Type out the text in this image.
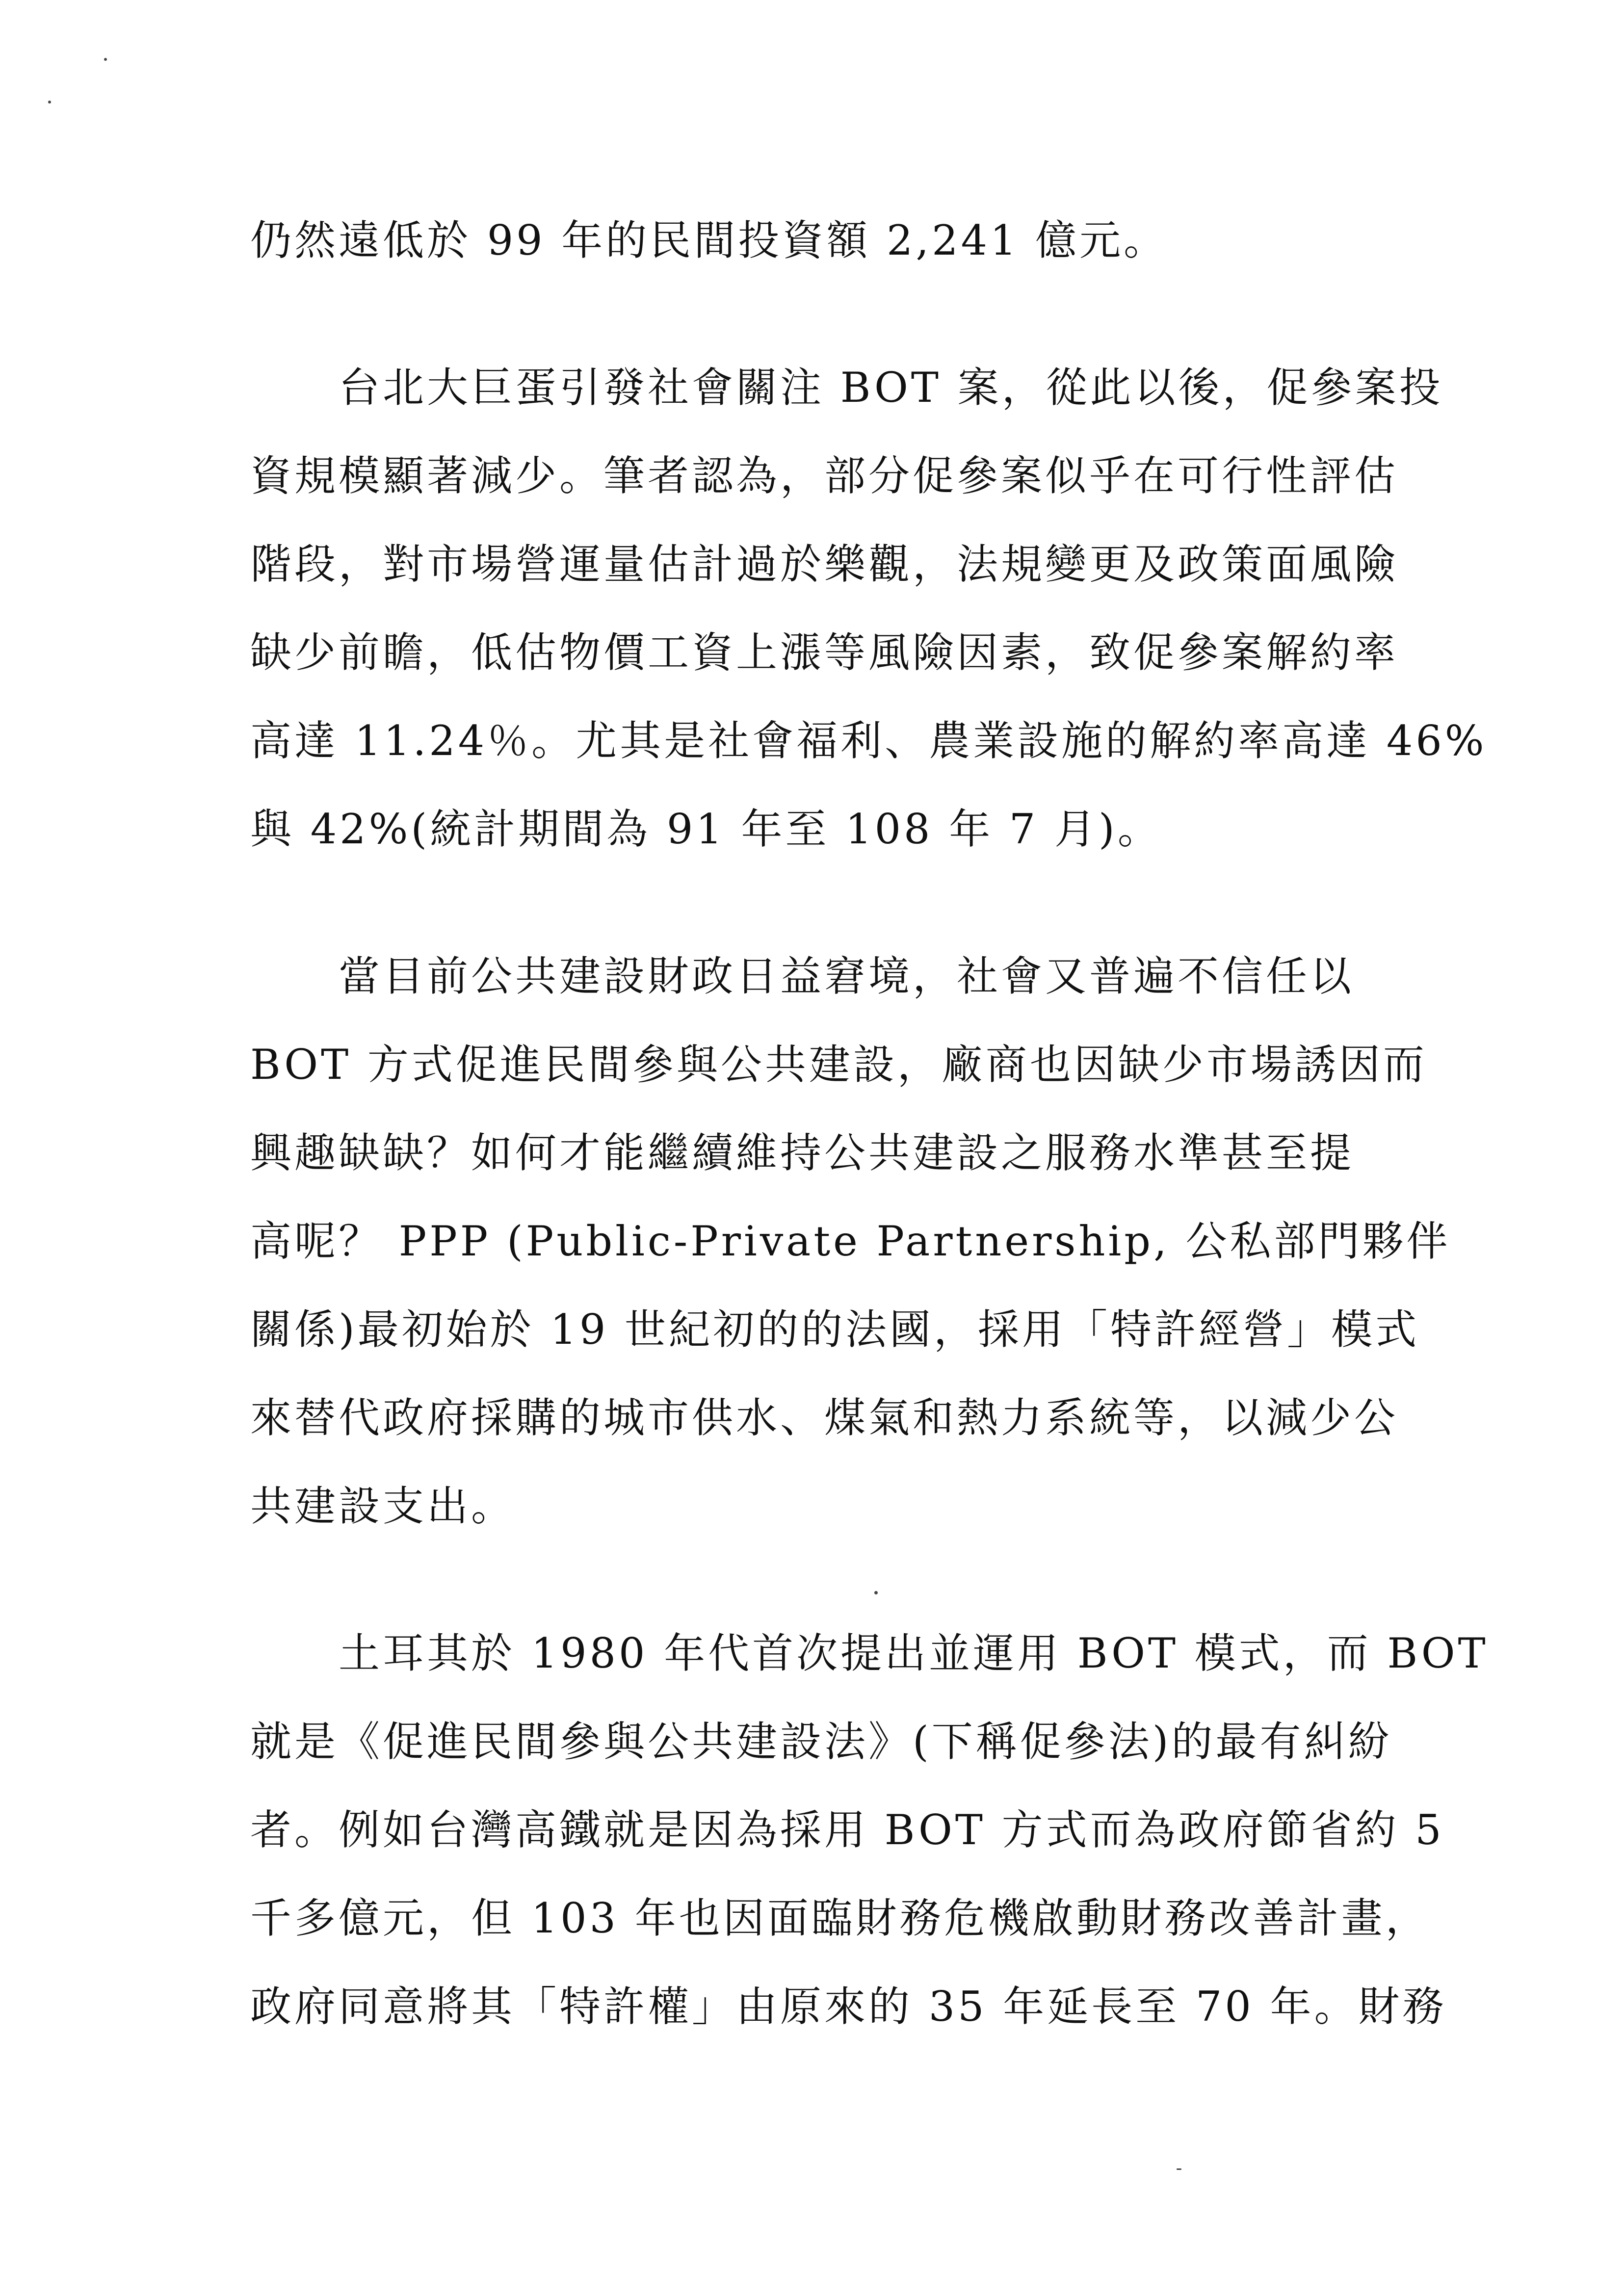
仍然遠低於 99 年的民間投資額 2,241 億元。
台北大巨蛋引發社會關注 BOT 案，從此以後，促參案投
資規模顯著減少。筆者認為，部分促參案似乎在可行性評估
階段，對市場營運量估計過於樂觀，法規變更及政策面風險
缺少前瞻，低估物價工資上漲等風險因素，致促參案解約率
高達 11.24％。尤其是社會福利、農業設施的解約率高達 46%
與 42%(統計期間為 91 年至 108 年 7 月)。
當目前公共建設財政日益窘境，社會又普遍不信任以
BOT 方式促進民間參與公共建設，廠商也因缺少市場誘因而
興趣缺缺？如何才能繼續維持公共建設之服務水準甚至提
高呢？ PPP (Public-Private Partnership, 公私部門夥伴
關係)最初始於 19 世紀初的的法國，採用「特許經營」模式
來替代政府採購的城市供水、煤氣和熱力系統等，以減少公
共建設支出。
土耳其於 1980 年代首次提出並運用 BOT 模式，而 BOT
就是《促進民間參與公共建設法》(下稱促參法)的最有糾紛
者。例如台灣高鐵就是因為採用 BOT 方式而為政府節省約 5
千多億元，但 103 年也因面臨財務危機啟動財務改善計畫，
政府同意將其「特許權」由原來的 35 年延長至 70 年。財務
